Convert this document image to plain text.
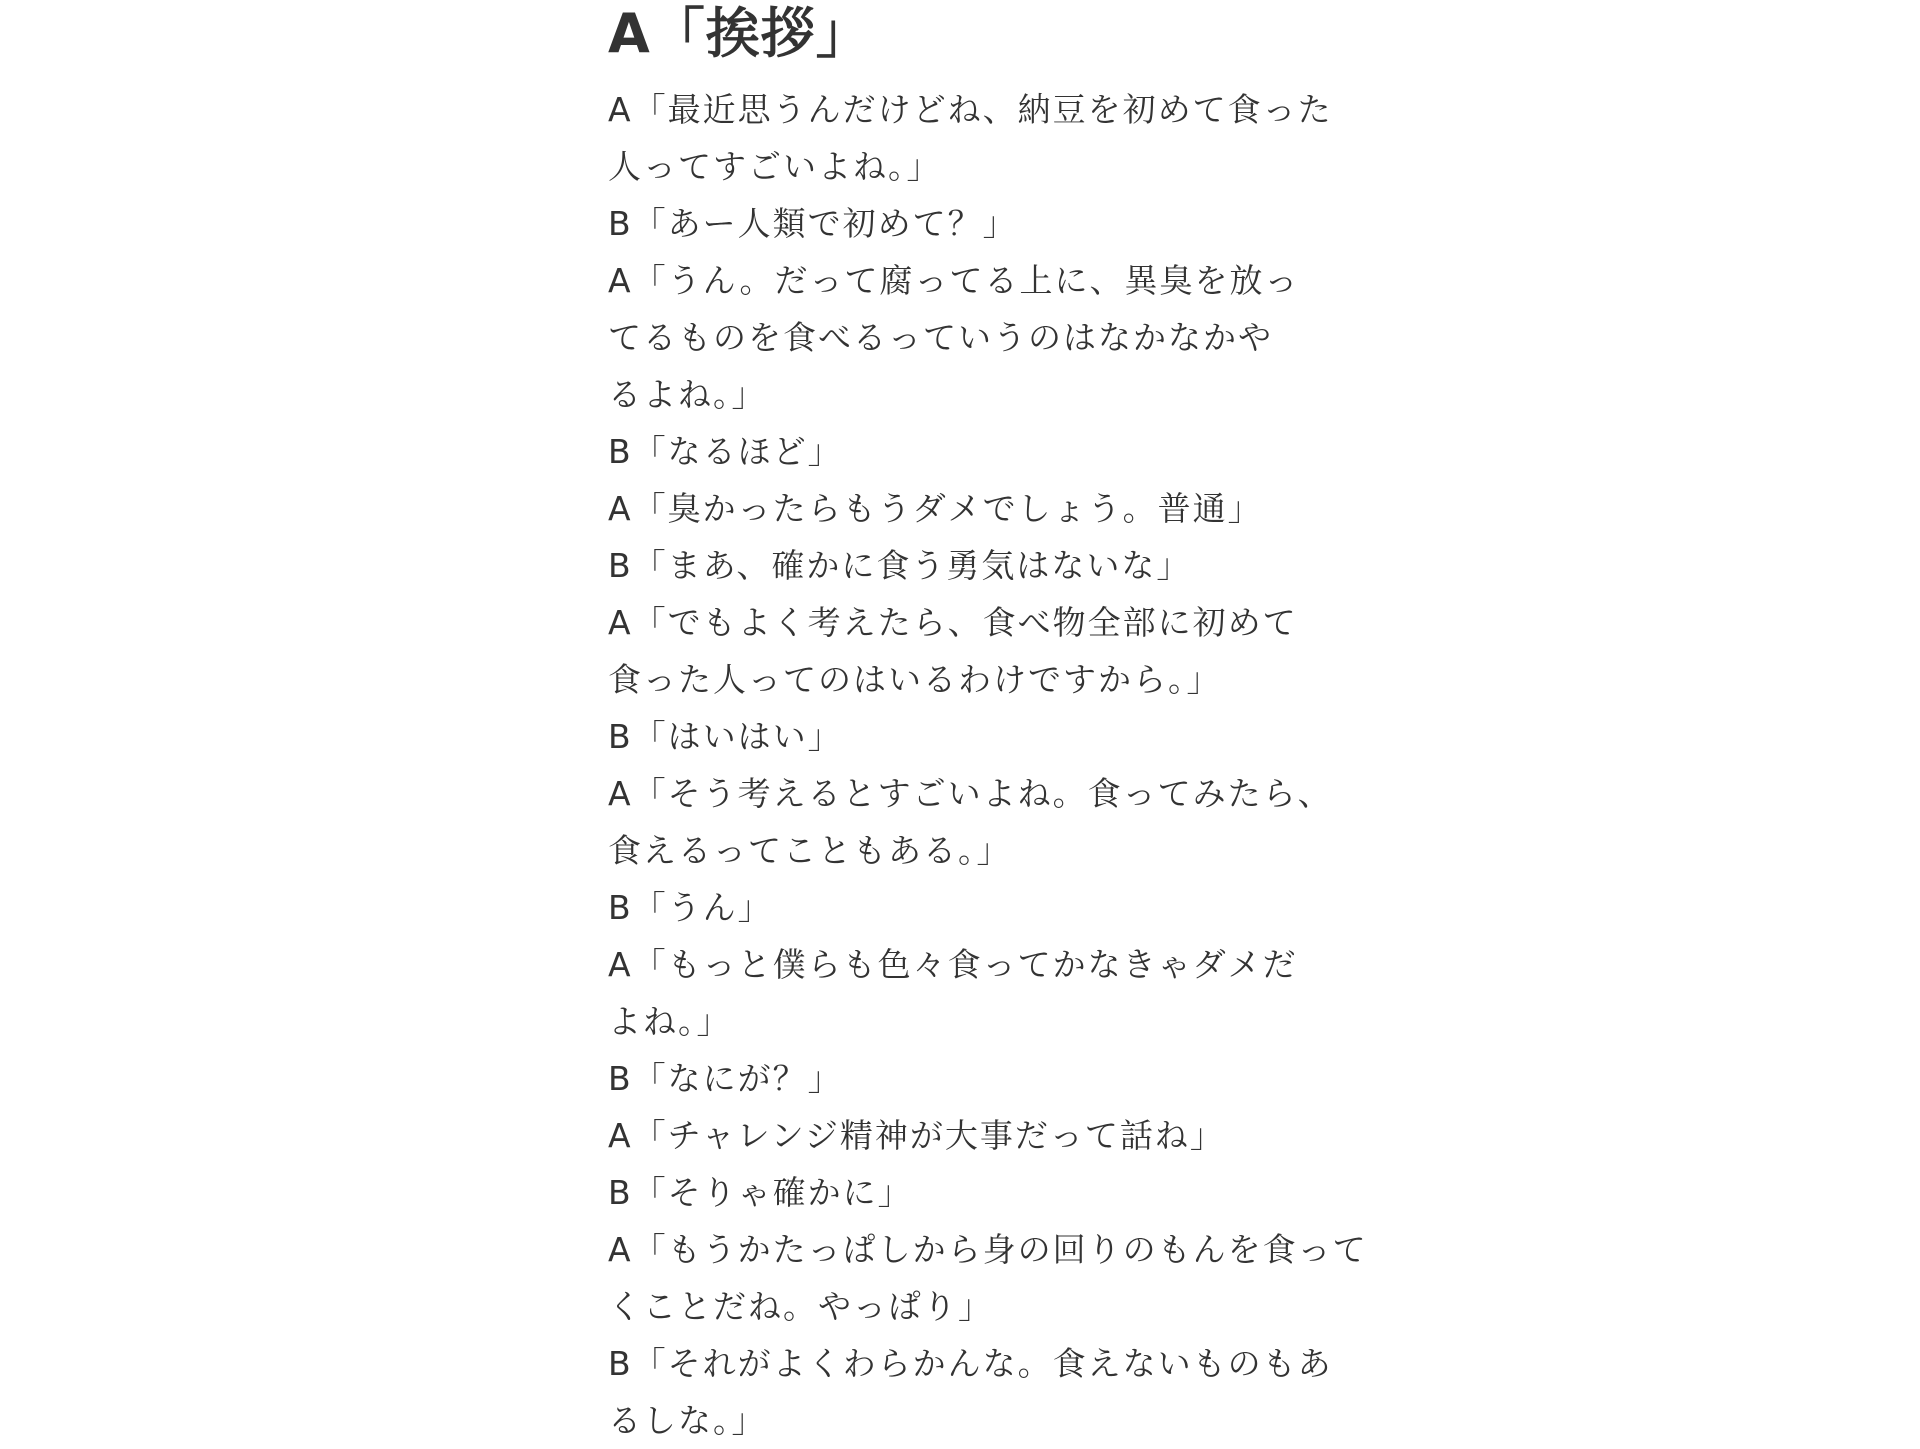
A「挨拶」
A「最近思うんだけどね、納豆を初めて食った
人ってすごいよね。」
B「あー人類で初めて？」
A「うん。だって腐ってる上に、異臭を放っ
てるものを食べるっていうのはなかなかや
るよね。」
B「なるほど」
A「臭かったらもうダメでしょう。普通」
B「まあ、確かに食う勇気はないな」
A「でもよく考えたら、食べ物全部に初めて
食った人ってのはいるわけですから。」
B「はいはい」
A「そう考えるとすごいよね。食ってみたら、
食えるってこともある。」
B「うん」
A「もっと僕らも色々食ってかなきゃダメだ
よね。」
B「なにが？」
A「チャレンジ精神が大事だって話ね」
B「そりゃ確かに」
A「もうかたっぱしから身の回りのもんを食って
くことだね。やっぱり」
B「それがよくわらかんな。食えないものもあ
るしな。」
